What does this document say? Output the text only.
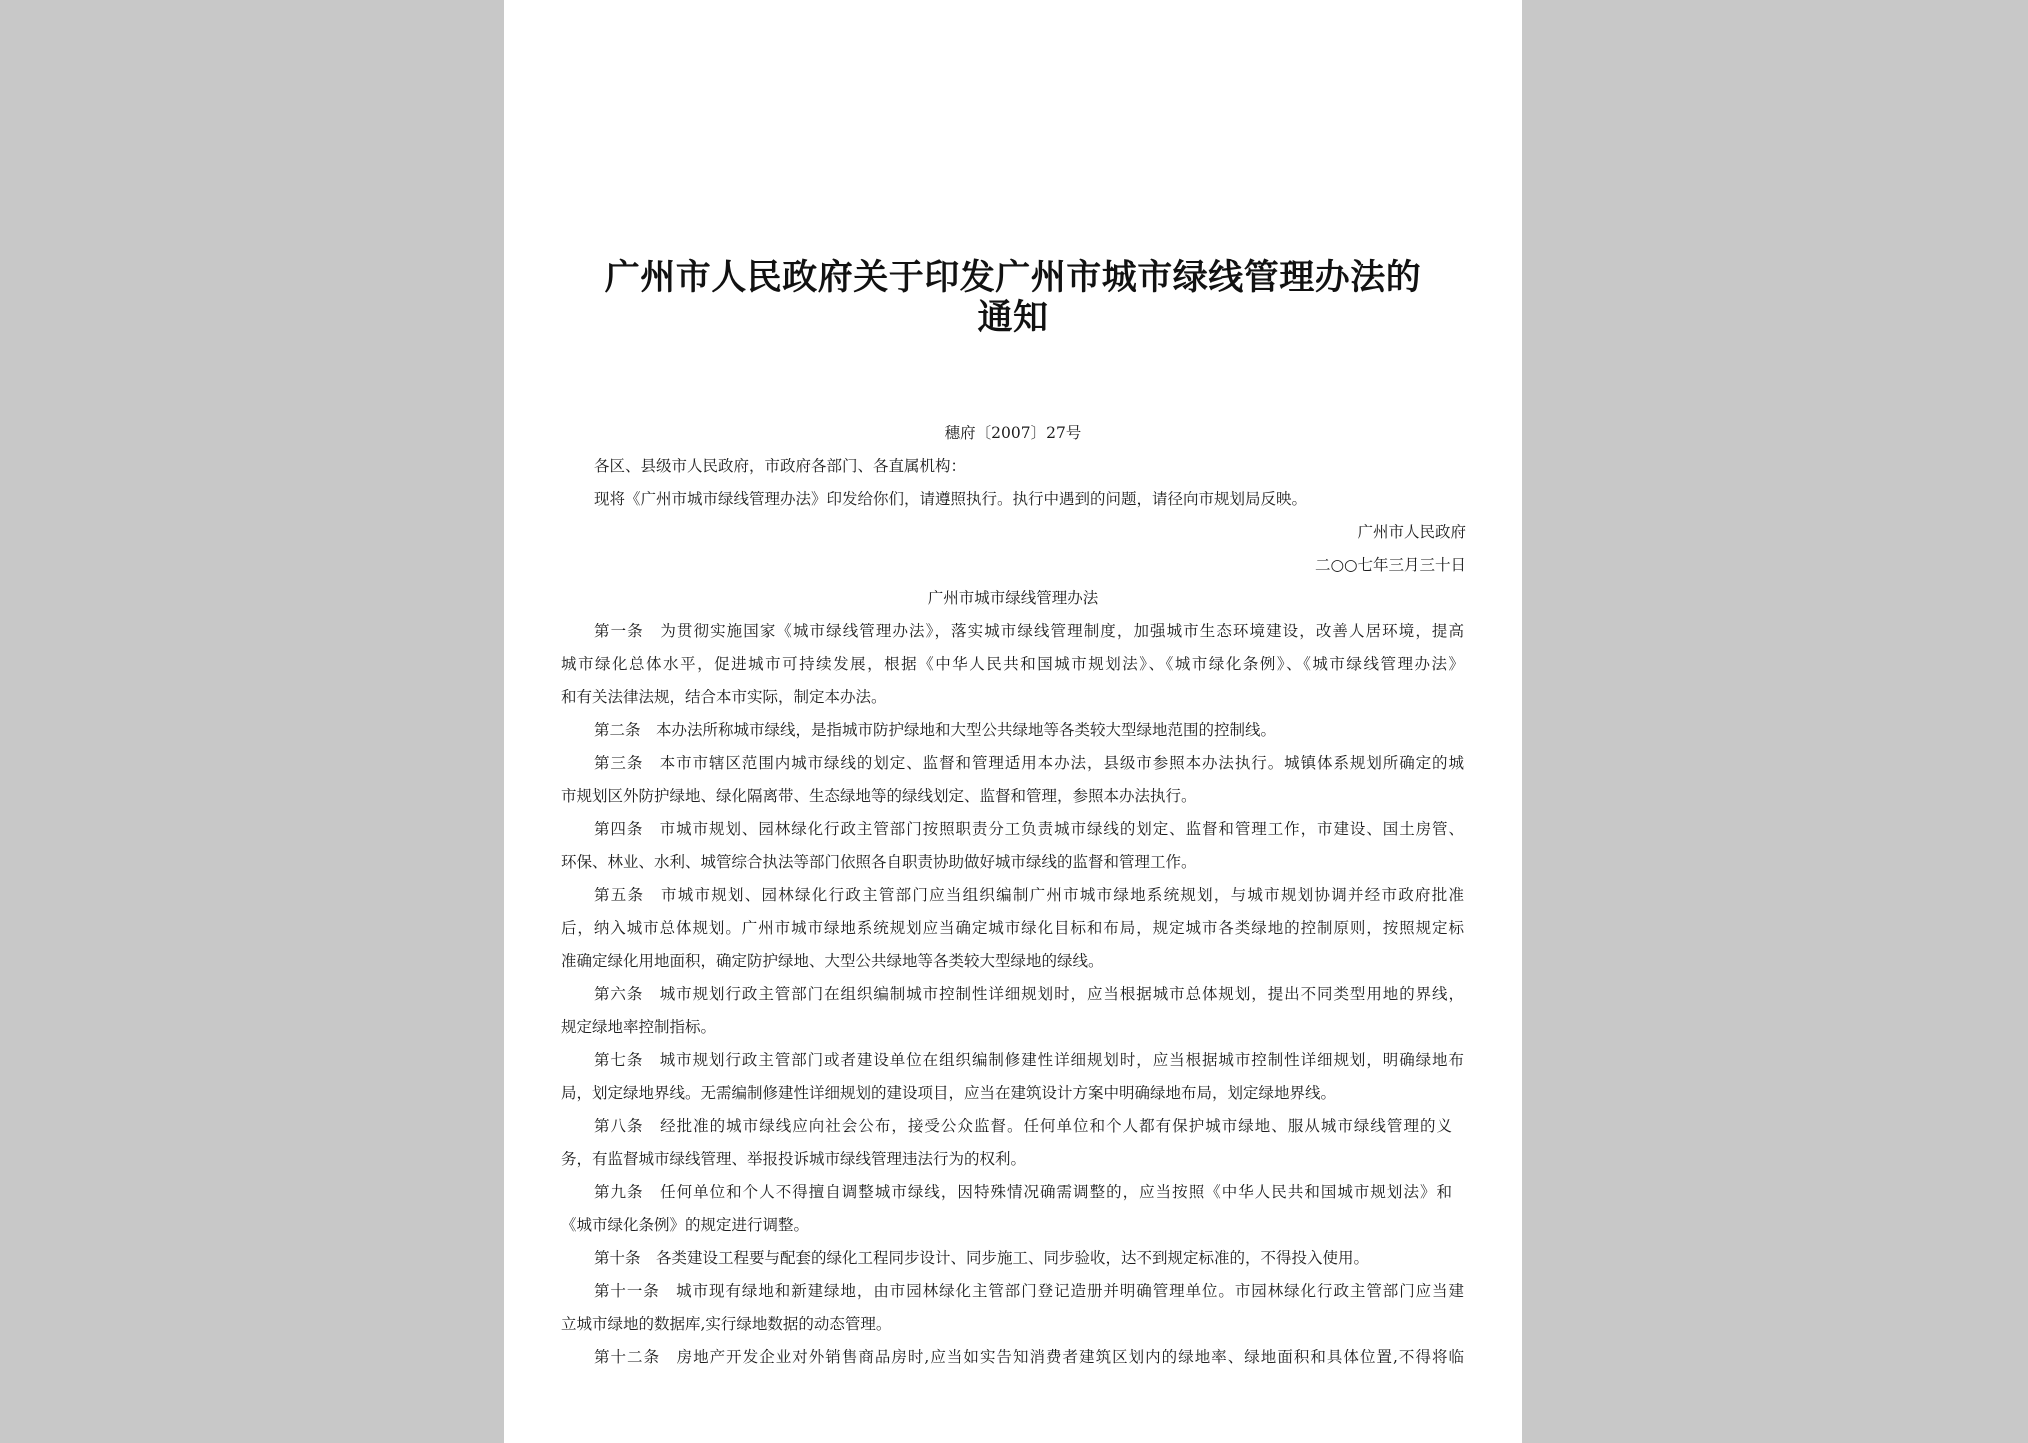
广州市人民政府关于印发广州市城市绿线管理办法的
通知
穗府〔2007〕27号
各区、县级市人民政府，市政府各部门、各直属机构：
现将《广州市城市绿线管理办法》印发给你们，请遵照执行。执行中遇到的问题，请径向市规划局反映。
广州市人民政府
二○○七年三月三十日
广州市城市绿线管理办法
第一条　为贯彻实施国家《城市绿线管理办法》，落实城市绿线管理制度，加强城市生态环境建设，改善人居环境，提高
城市绿化总体水平，促进城市可持续发展，根据《中华人民共和国城市规划法》、《城市绿化条例》、《城市绿线管理办法》
和有关法律法规，结合本市实际，制定本办法。
第二条　本办法所称城市绿线，是指城市防护绿地和大型公共绿地等各类较大型绿地范围的控制线。
第三条　本市市辖区范围内城市绿线的划定、监督和管理适用本办法，县级市参照本办法执行。城镇体系规划所确定的城
市规划区外防护绿地、绿化隔离带、生态绿地等的绿线划定、监督和管理，参照本办法执行。
第四条　市城市规划、园林绿化行政主管部门按照职责分工负责城市绿线的划定、监督和管理工作，市建设、国土房管、
环保、林业、水利、城管综合执法等部门依照各自职责协助做好城市绿线的监督和管理工作。
第五条　市城市规划、园林绿化行政主管部门应当组织编制广州市城市绿地系统规划，与城市规划协调并经市政府批准
后，纳入城市总体规划。广州市城市绿地系统规划应当确定城市绿化目标和布局，规定城市各类绿地的控制原则，按照规定标
准确定绿化用地面积，确定防护绿地、大型公共绿地等各类较大型绿地的绿线。
第六条　城市规划行政主管部门在组织编制城市控制性详细规划时，应当根据城市总体规划，提出不同类型用地的界线，
规定绿地率控制指标。
第七条　城市规划行政主管部门或者建设单位在组织编制修建性详细规划时，应当根据城市控制性详细规划，明确绿地布
局，划定绿地界线。无需编制修建性详细规划的建设项目，应当在建筑设计方案中明确绿地布局，划定绿地界线。
第八条　经批准的城市绿线应向社会公布，接受公众监督。任何单位和个人都有保护城市绿地、服从城市绿线管理的义
务，有监督城市绿线管理、举报投诉城市绿线管理违法行为的权利。
第九条　任何单位和个人不得擅自调整城市绿线，因特殊情况确需调整的，应当按照《中华人民共和国城市规划法》和
《城市绿化条例》的规定进行调整。
第十条　各类建设工程要与配套的绿化工程同步设计、同步施工、同步验收，达不到规定标准的，不得投入使用。
第十一条　城市现有绿地和新建绿地，由市园林绿化主管部门登记造册并明确管理单位。市园林绿化行政主管部门应当建
立城市绿地的数据库,实行绿地数据的动态管理。
第十二条　房地产开发企业对外销售商品房时,应当如实告知消费者建筑区划内的绿地率、绿地面积和具体位置,不得将临
